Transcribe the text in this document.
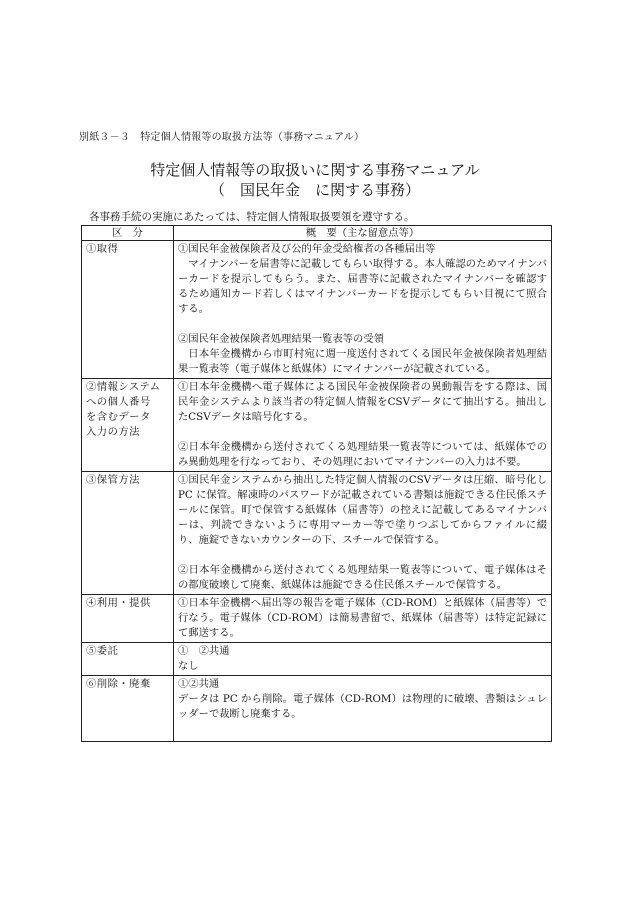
別紙３－３　特定個人情報等の取扱方法等（事務マニュアル）
特定個人情報等の取扱いに関する事務マニュアル
（　国民年金　に関する事務）
各事務手続の実施にあたっては、特定個人情報取扱要領を遵守する。
区　分	概　要（主な留意点等）
①取得	①国民年金被保険者及び公的年金受給権者の各種届出等
マイナンバーを届書等に記載してもらい取得する。本人確認のためマイナンバーカードを提示してもらう。また、届書等に記載されたマイナンバーを確認するため通知カード若しくはマイナンバーカードを提示してもらい目視にて照合する。
②国民年金被保険者処理結果一覧表等の受領
日本年金機構から市町村宛に週一度送付されてくる国民年金被保険者処理結果一覧表等（電子媒体と紙媒体）にマイナンバーが記載されている。

②情報システム
への個人番号
を含むデータ
入力の方法	①日本年金機構へ電子媒体による国民年金被保険者の異動報告をする際は、国民年金システムより該当者の特定個人情報をCSVデータにて抽出する。抽出したCSVデータは暗号化する。
②日本年金機構から送付されてくる処理結果一覧表等については、紙媒体でのみ異動処理を行なっており、その処理においてマイナンバーの入力は不要。

③保管方法	①国民年金システムから抽出した特定個人情報のCSVデータは圧縮、暗号化し PC に保管。解凍時のパスワードが記載されている書類は施錠できる住民係スチールに保管。町で保管する紙媒体（届書等）の控えに記載してあるマイナンバーは、判読できないように専用マーカー等で塗りつぶしてからファイルに綴り、施錠できないカウンターの下、スチールで保管する。
②日本年金機構から送付されてくる処理結果一覧表等について、電子媒体はその都度破壊して廃棄、紙媒体は施錠できる住民係スチールで保管する。

④利用・提供	①日本年金機構へ届出等の報告を電子媒体（CD-ROM）と紙媒体（届書等）で行なう。電子媒体（CD-ROM）は簡易書留で、紙媒体（届書等）は特定記録にて郵送する。

⑤委託	①　②共通
なし

⑥削除・廃棄	①②共通
データは PC から削除。電子媒体（CD-ROM）は物理的に破壊、書類はシュレッダーで裁断し廃棄する。
